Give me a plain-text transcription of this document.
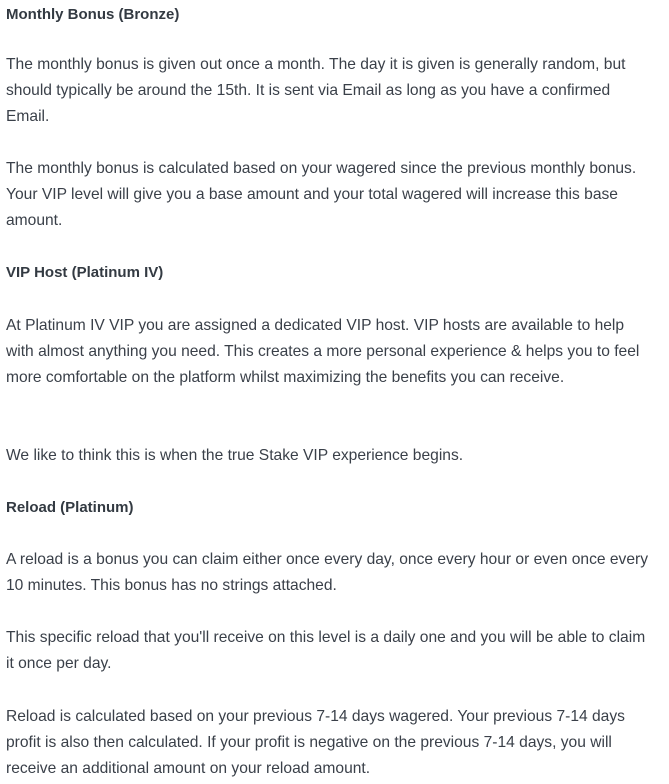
Monthly Bonus (Bronze)

The monthly bonus is given out once a month. The day it is given is generally random, but should typically be around the 15th. It is sent via Email as long as you have a confirmed Email.

The monthly bonus is calculated based on your wagered since the previous monthly bonus. Your VIP level will give you a base amount and your total wagered will increase this base amount.

VIP Host (Platinum IV)

At Platinum IV VIP you are assigned a dedicated VIP host. VIP hosts are available to help with almost anything you need. This creates a more personal experience & helps you to feel more comfortable on the platform whilst maximizing the benefits you can receive.

We like to think this is when the true Stake VIP experience begins.

Reload (Platinum)

A reload is a bonus you can claim either once every day, once every hour or even once every 10 minutes. This bonus has no strings attached.

This specific reload that you'll receive on this level is a daily one and you will be able to claim it once per day.

Reload is calculated based on your previous 7-14 days wagered. Your previous 7-14 days profit is also then calculated. If your profit is negative on the previous 7-14 days, you will receive an additional amount on your reload amount.
